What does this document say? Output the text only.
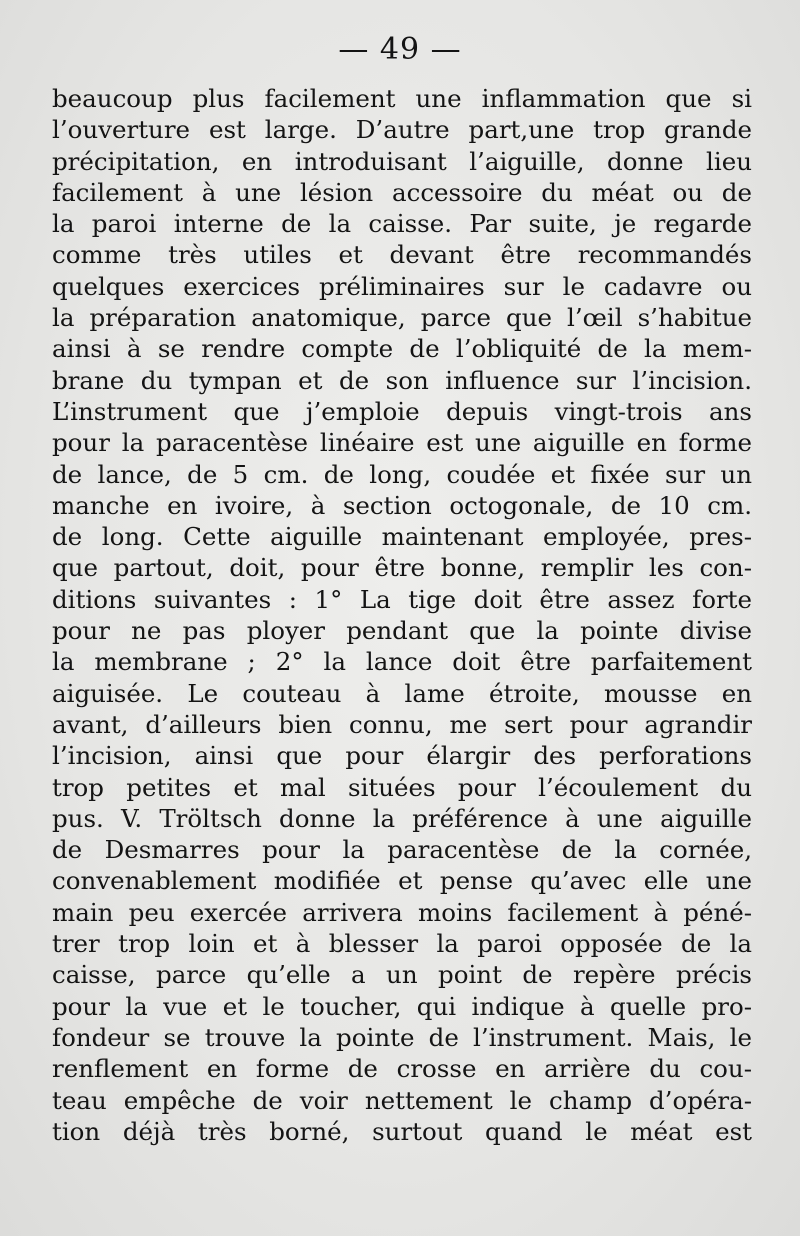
— 49 —
beaucoup plus facilement une inflammation que si
l’ouverture est large. D’autre part,une trop grande
précipitation, en introduisant l’aiguille, donne lieu
facilement à une lésion accessoire du méat ou de
la paroi interne de la caisse. Par suite, je regarde
comme très utiles et devant être recommandés
quelques exercices préliminaires sur le cadavre ou
la préparation anatomique, parce que l’œil s’habitue
ainsi à se rendre compte de l’obliquité de la mem-
brane du tympan et de son influence sur l’incision.
L’instrument que j’emploie depuis vingt-trois ans
pour la paracentèse linéaire est une aiguille en forme
de lance, de 5 cm. de long, coudée et fixée sur un
manche en ivoire, à section octogonale, de 10 cm.
de long. Cette aiguille maintenant employée, pres-
que partout, doit, pour être bonne, remplir les con-
ditions suivantes : 1° La tige doit être assez forte
pour ne pas ployer pendant que la pointe divise
la membrane ; 2° la lance doit être parfaitement
aiguisée. Le couteau à lame étroite, mousse en
avant, d’ailleurs bien connu, me sert pour agrandir
l’incision, ainsi que pour élargir des perforations
trop petites et mal situées pour l’écoulement du
pus. V. Tröltsch donne la préférence à une aiguille
de Desmarres pour la paracentèse de la cornée,
convenablement modifiée et pense qu’avec elle une
main peu exercée arrivera moins facilement à péné-
trer trop loin et à blesser la paroi opposée de la
caisse, parce qu’elle a un point de repère précis
pour la vue et le toucher, qui indique à quelle pro-
fondeur se trouve la pointe de l’instrument. Mais, le
renflement en forme de crosse en arrière du cou-
teau empêche de voir nettement le champ d’opéra-
tion déjà très borné, surtout quand le méat est
